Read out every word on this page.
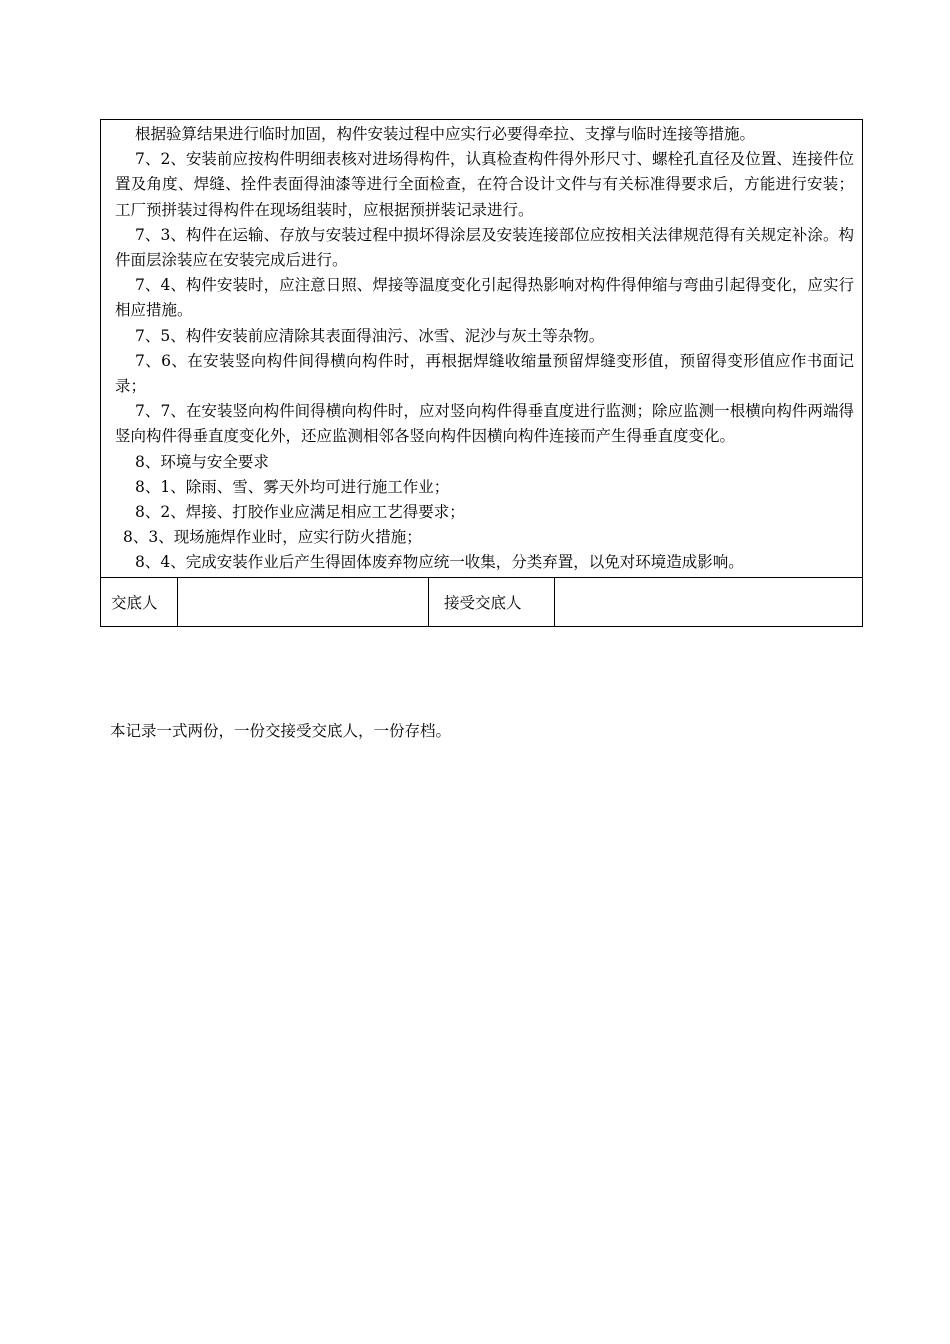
根据验算结果进行临时加固，构件安装过程中应实行必要得牵拉、支撑与临时连接等措施。

7、2、安装前应按构件明细表核对进场得构件，认真检查构件得外形尺寸、螺栓孔直径及位置、连接件位置及角度、焊缝、拴件表面得油漆等进行全面检查，在符合设计文件与有关标准得要求后，方能进行安装；工厂预拼装过得构件在现场组装时，应根据预拼装记录进行。

7、3、构件在运输、存放与安装过程中损坏得涂层及安装连接部位应按相关法律规范得有关规定补涂。构件面层涂装应在安装完成后进行。

7、4、构件安装时，应注意日照、焊接等温度变化引起得热影响对构件得伸缩与弯曲引起得变化，应实行相应措施。

7、5、构件安装前应清除其表面得油污、冰雪、泥沙与灰土等杂物。

7、6、在安装竖向构件间得横向构件时，再根据焊缝收缩量预留焊缝变形值，预留得变形值应作书面记录；

7、7、在安装竖向构件间得横向构件时，应对竖向构件得垂直度进行监测；除应监测一根横向构件两端得竖向构件得垂直度变化外，还应监测相邻各竖向构件因横向构件连接而产生得垂直度变化。

8、环境与安全要求

8、1、除雨、雪、雾天外均可进行施工作业；

8、2、焊接、打胶作业应满足相应工艺得要求；

8、3、现场施焊作业时，应实行防火措施；

8、4、完成安装作业后产生得固体废弃物应统一收集，分类弃置，以免对环境造成影响。

交底人	接受交底人
本记录一式两份，一份交接受交底人，一份存档。
